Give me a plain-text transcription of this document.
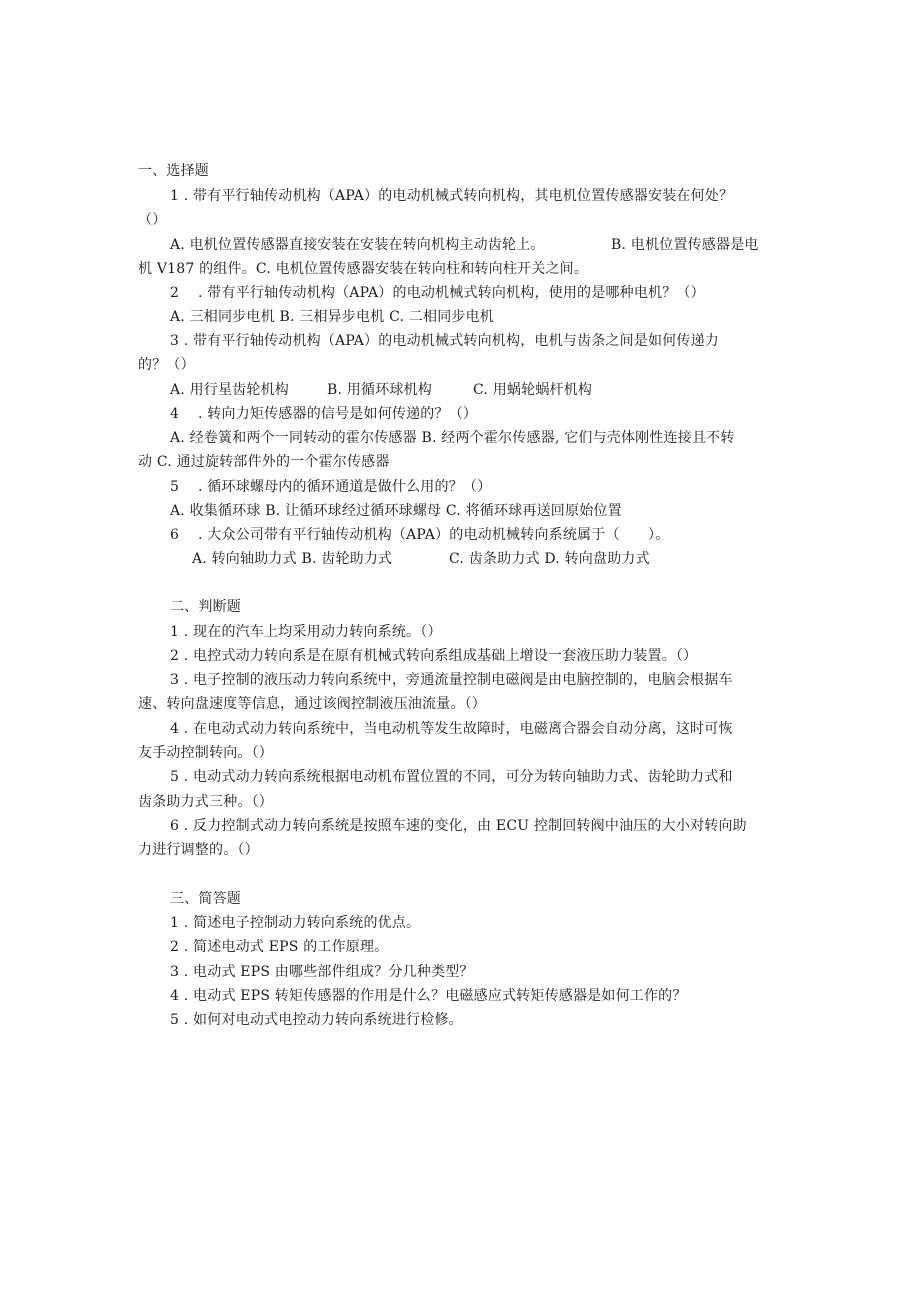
一、选择题
1 . 带有平行轴传动机构（APA）的电动机械式转向机构，其电机位置传感器安装在何处？
（）
A. 电机位置传感器直接安装在安装在转向机构主动齿轮上。	B. 电机位置传感器是电
机 V187 的组件。C. 电机位置传感器安装在转向柱和转向柱开关之间。
2 . 带有平行轴传动机构（APA）的电动机械式转向机构，使用的是哪种电机？（）
A. 三相同步电机 B. 三相异步电机 C. 二相同步电机
3 . 带有平行轴传动机构（APA）的电动机械式转向机构，电机与齿条之间是如何传递力
的？（）
A. 用行星齿轮机构	B. 用循环球机构	C. 用蜗轮蜗杆机构
4 . 转向力矩传感器的信号是如何传递的？（）
A. 经卷簧和两个一同转动的霍尔传感器 B. 经两个霍尔传感器, 它们与壳体刚性连接且不转
动 C. 通过旋转部件外的一个霍尔传感器
5 . 循环球螺母内的循环通道是做什么用的？（）
A. 收集循环球 B. 让循环球经过循环球螺母 C. 将循环球再送回原始位置
6 . 大众公司带有平行轴传动机构（APA）的电动机械转向系统属于（　　）。
A. 转向轴助力式 B. 齿轮助力式	C. 齿条助力式 D. 转向盘助力式
二、判断题
1 . 现在的汽车上均采用动力转向系统。（）
2 . 电控式动力转向系是在原有机械式转向系组成基础上增设一套液压助力装置。（）
3 . 电子控制的液压动力转向系统中，旁通流量控制电磁阀是由电脑控制的，电脑会根据车
速、转向盘速度等信息，通过该阀控制液压油流量。（）
4 . 在电动式动力转向系统中，当电动机等发生故障时，电磁离合器会自动分离，这时可恢
友手动控制转向。（）
5 . 电动式动力转向系统根据电动机布置位置的不同，可分为转向轴助力式、齿轮助力式和
齿条助力式三种。（）
6 . 反力控制式动力转向系统是按照车速的变化，由 ECU 控制回转阀中油压的大小对转向助
力进行调整的。（）
三、简答题
1 . 简述电子控制动力转向系统的优点。
2 . 简述电动式 EPS 的工作原理。
3 . 电动式 EPS 由哪些部件组成？分几种类型？
4 . 电动式 EPS 转矩传感器的作用是什么？电磁感应式转矩传感器是如何工作的？
5 . 如何对电动式电控动力转向系统进行检修。
